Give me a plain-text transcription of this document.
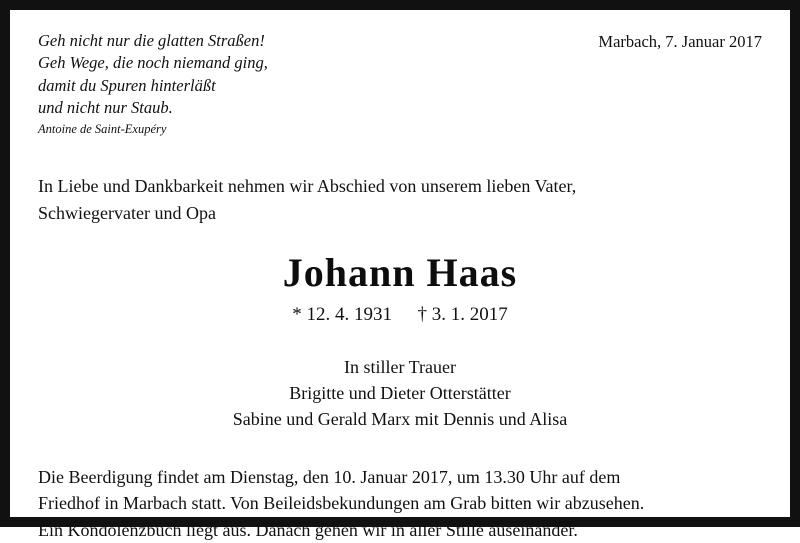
Geh nicht nur die glatten Straßen!
Geh Wege, die noch niemand ging,
damit du Spuren hinterläßt
und nicht nur Staub.
Antoine de Saint-Exupéry
Marbach, 7. Januar 2017
In Liebe und Dankbarkeit nehmen wir Abschied von unserem lieben Vater,
Schwiegervater und Opa
Johann Haas
* 12. 4. 1931 † 3. 1. 2017
In stiller Trauer
Brigitte und Dieter Otterstätter
Sabine und Gerald Marx mit Dennis und Alisa
Die Beerdigung findet am Dienstag, den 10. Januar 2017, um 13.30 Uhr auf dem
Friedhof in Marbach statt. Von Beileidsbekundungen am Grab bitten wir abzusehen.
Ein Kondolenzbuch liegt aus. Danach gehen wir in aller Stille auseinander.
